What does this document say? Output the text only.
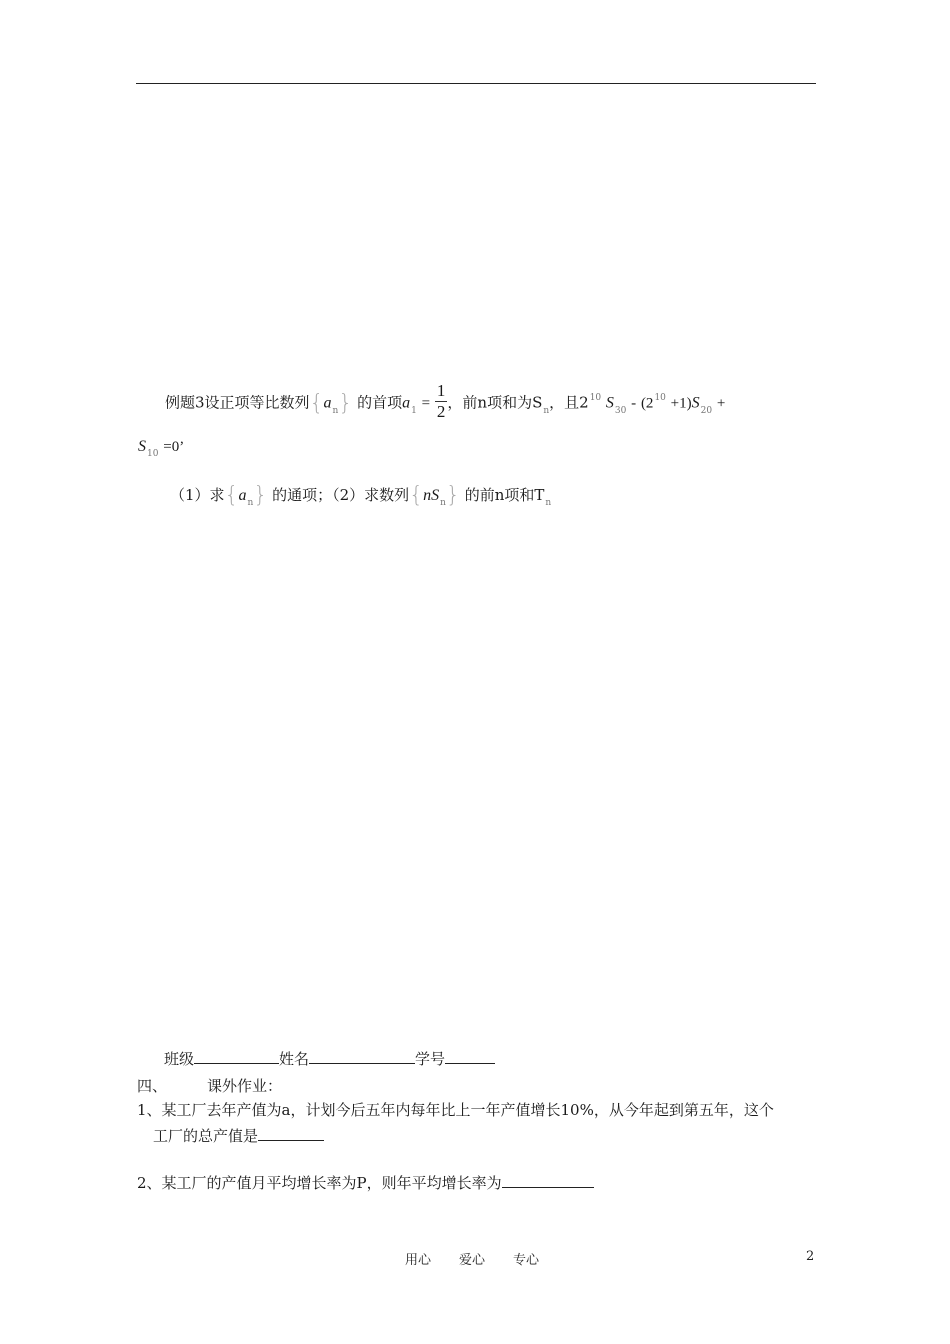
例题3设正项等比数列$\{a_n\}$ 的首项$a_1 = \frac{1}{2}$ ，前n项和为$S_n$，且$2^{10}$ $S_{30} - (2^{10} +1)S_{20}$ +
$S_{10} =0$’
（1）求$\{a_n\}$ 的通项；（2）求数列$\{nS_n\}$ 的前n项和$T_n$
班级	姓名	学号
四、	课外作业：
1、某工厂去年产值为a，计划今后五年内每年比上一年产值增长10%，从今年起到第五年，这个
工厂的总产值是
2、某工厂的产值月平均增长率为P，则年平均增长率为
用心 爱心 专心	2
